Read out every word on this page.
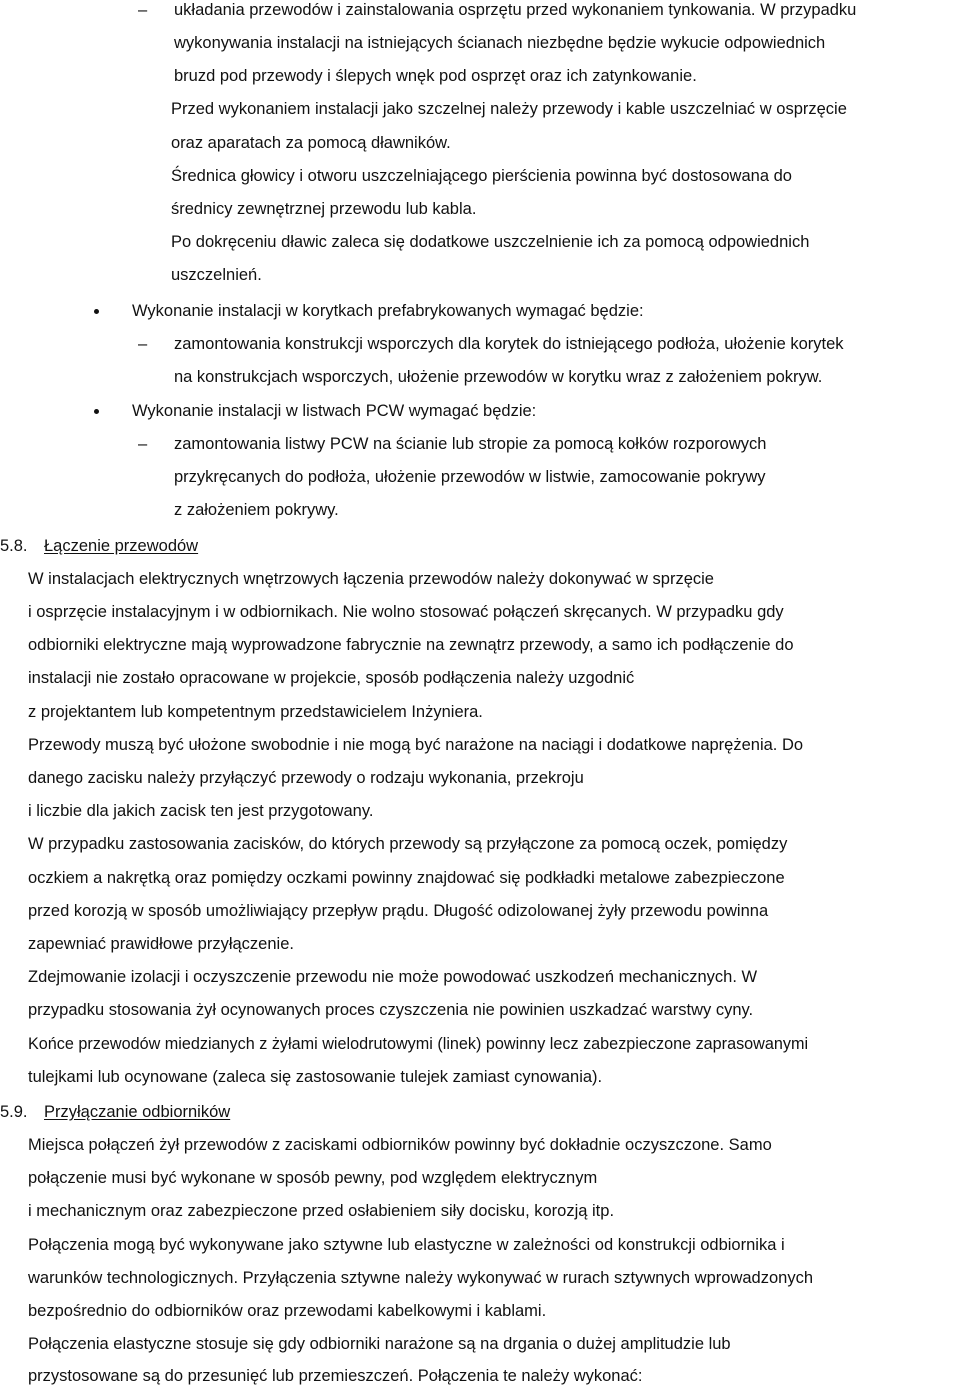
– układania przewodów i zainstalowania osprzętu przed wykonaniem tynkowania. W przypadku
wykonywania instalacji na istniejących ścianach niezbędne będzie wykucie odpowiednich
bruzd pod przewody i ślepych wnęk pod osprzęt oraz ich zatynkowanie.
Przed wykonaniem instalacji jako szczelnej należy przewody i kable uszczelniać w osprzęcie
oraz aparatach za pomocą dławników.
Średnica głowicy i otworu uszczelniającego pierścienia powinna być dostosowana do
średnicy zewnętrznej przewodu lub kabla.
Po dokręceniu dławic zaleca się dodatkowe uszczelnienie ich za pomocą odpowiednich
uszczelnień.
Wykonanie instalacji w korytkach prefabrykowanych wymagać będzie:
– zamontowania konstrukcji wsporczych dla korytek do istniejącego podłoża, ułożenie korytek
na konstrukcjach wsporczych, ułożenie przewodów w korytku wraz z założeniem pokryw.
Wykonanie instalacji w listwach PCW wymagać będzie:
– zamontowania listwy PCW na ścianie lub stropie za pomocą kołków rozporowych
przykręcanych do podłoża, ułożenie przewodów w listwie, zamocowanie pokrywy
z założeniem pokrywy.
5.8. Łączenie przewodów
W instalacjach elektrycznych wnętrzowych łączenia przewodów należy dokonywać w sprzęcie
i osprzęcie instalacyjnym i w odbiornikach. Nie wolno stosować połączeń skręcanych. W przypadku gdy
odbiorniki elektryczne mają wyprowadzone fabrycznie na zewnątrz przewody, a samo ich podłączenie do
instalacji nie zostało opracowane w projekcie, sposób podłączenia należy uzgodnić
z projektantem lub kompetentnym przedstawicielem Inżyniera.
Przewody muszą być ułożone swobodnie i nie mogą być narażone na naciągi i dodatkowe naprężenia. Do
danego zacisku należy przyłączyć przewody o rodzaju wykonania, przekroju
i liczbie dla jakich zacisk ten jest przygotowany.
W przypadku zastosowania zacisków, do których przewody są przyłączone za pomocą oczek, pomiędzy
oczkiem a nakrętką oraz pomiędzy oczkami powinny znajdować się podkładki metalowe zabezpieczone
przed korozją w sposób umożliwiający przepływ prądu. Długość odizolowanej żyły przewodu powinna
zapewniać prawidłowe przyłączenie.
Zdejmowanie izolacji i oczyszczenie przewodu nie może powodować uszkodzeń mechanicznych. W
przypadku stosowania żył ocynowanych proces czyszczenia nie powinien uszkadzać warstwy cyny.
Końce przewodów miedzianych z żyłami wielodrutowymi (linek) powinny lecz zabezpieczone zaprasowanymi
tulejkami lub ocynowane (zaleca się zastosowanie tulejek zamiast cynowania).
5.9. Przyłączanie odbiorników
Miejsca połączeń żył przewodów z zaciskami odbiorników powinny być dokładnie oczyszczone. Samo
połączenie musi być wykonane w sposób pewny, pod względem elektrycznym
i mechanicznym oraz zabezpieczone przed osłabieniem siły docisku, korozją itp.
Połączenia mogą być wykonywane jako sztywne lub elastyczne w zależności od konstrukcji odbiornika i
warunków technologicznych. Przyłączenia sztywne należy wykonywać w rurach sztywnych wprowadzonych
bezpośrednio do odbiorników oraz przewodami kabelkowymi i kablami.
Połączenia elastyczne stosuje się gdy odbiorniki narażone są na drgania o dużej amplitudzie lub
przystosowane są do przesunięć lub przemieszczeń. Połączenia te należy wykonać:
